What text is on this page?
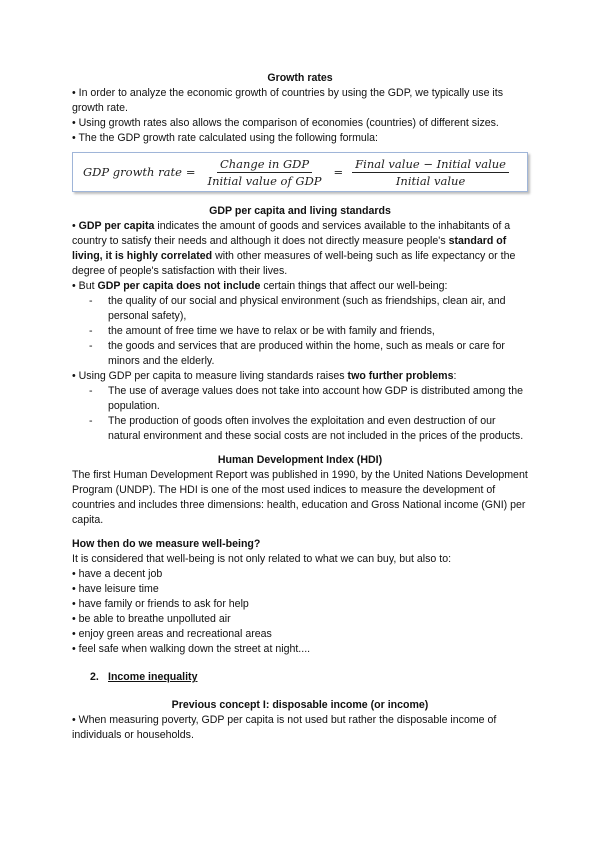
Growth rates

• In order to analyze the economic growth of countries by using the GDP, we typically use its growth rate.

• Using growth rates also allows the comparison of economies (countries) of different sizes.

• The the GDP growth rate calculated using the following formula:

GDP growth rate = $\frac{\text{Change in GDP}}{\text{Initial value of GDP}} = \frac{\text{Final value − Initial value}}{\text{Initial value}}$

GDP per capita and living standards

• GDP per capita indicates the amount of goods and services available to the inhabitants of a country to satisfy their needs and although it does not directly measure people's standard of living, it is highly correlated with other measures of well-being such as life expectancy or the degree of people's satisfaction with their lives.

• But GDP per capita does not include certain things that affect our well-being:

- the quality of our social and physical environment (such as friendships, clean air, and personal safety),
- the amount of free time we have to relax or be with family and friends,
- the goods and services that are produced within the home, such as meals or care for minors and the elderly.

• Using GDP per capita to measure living standards raises two further problems:

- The use of average values does not take into account how GDP is distributed among the population.
- The production of goods often involves the exploitation and even destruction of our natural environment and these social costs are not included in the prices of the products.

Human Development Index (HDI)

The first Human Development Report was published in 1990, by the United Nations Development Program (UNDP). The HDI is one of the most used indices to measure the development of countries and includes three dimensions: health, education and Gross National income (GNI) per capita.

How then do we measure well-being?

It is considered that well-being is not only related to what we can buy, but also to:

• have a decent job

• have leisure time

• have family or friends to ask for help

• be able to breathe unpolluted air

• enjoy green areas and recreational areas

• feel safe when walking down the street at night....

2. Income inequality

Previous concept I: disposable income (or income)

• When measuring poverty, GDP per capita is not used but rather the disposable income of individuals or households.
